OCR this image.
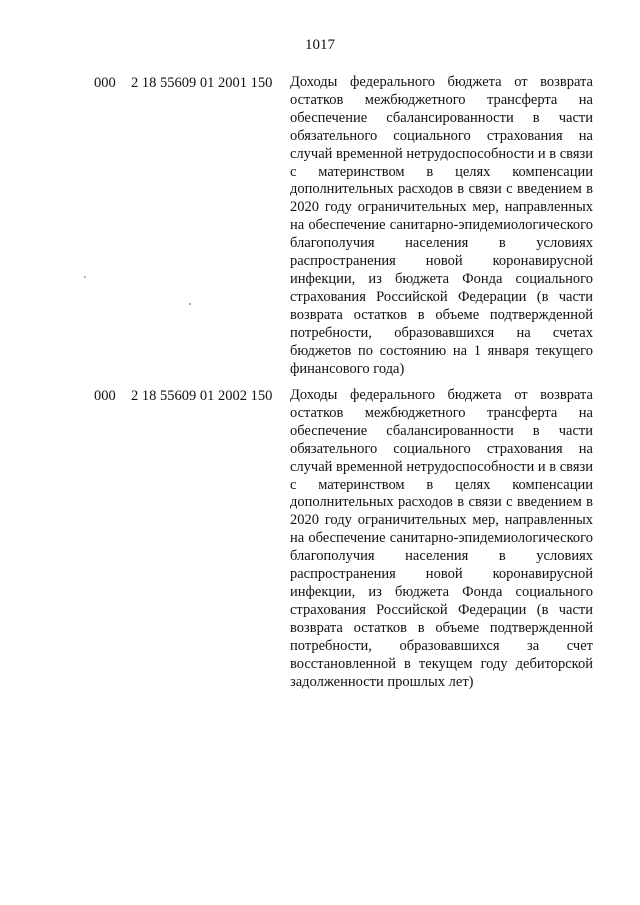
1017
000 2 18 55609 01 2001 150 Доходы федерального бюджета от возврата остатков межбюджетного трансферта на обеспечение сбалансированности в части обязательного социального страхования на случай временной нетрудоспособности и в связи с материнством в целях компенсации дополнительных расходов в связи с введением в 2020 году ограничительных мер, направленных на обеспечение санитарно-эпидемиологического благополучия населения в условиях распространения новой коронавирусной инфекции, из бюджета Фонда социального страхования Российской Федерации (в части возврата остатков в объеме подтвержденной потребности, образовавшихся на счетах бюджетов по состоянию на 1 января текущего финансового года)
000 2 18 55609 01 2002 150 Доходы федерального бюджета от возврата остатков межбюджетного трансферта на обеспечение сбалансированности в части обязательного социального страхования на случай временной нетрудоспособности и в связи с материнством в целях компенсации дополнительных расходов в связи с введением в 2020 году ограничительных мер, направленных на обеспечение санитарно-эпидемиологического благополучия населения в условиях распространения новой коронавирусной инфекции, из бюджета Фонда социального страхования Российской Федерации (в части возврата остатков в объеме подтвержденной потребности, образовавшихся за счет восстановленной в текущем году дебиторской задолженности прошлых лет)
